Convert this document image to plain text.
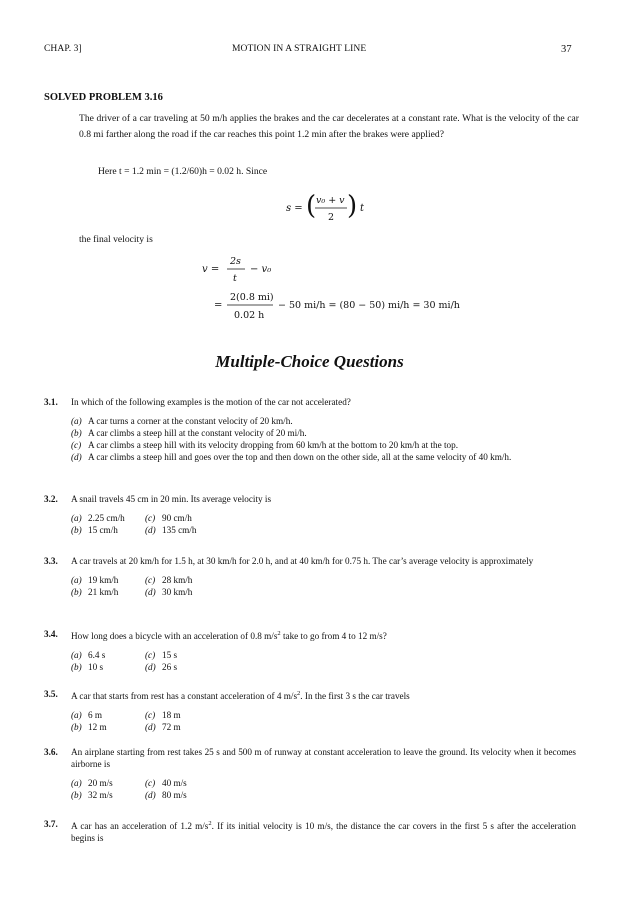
CHAP. 3]	MOTION IN A STRAIGHT LINE	37
SOLVED PROBLEM 3.16
The driver of a car traveling at 50 m/h applies the brakes and the car decelerates at a constant rate. What is the velocity of the car 0.8 mi farther along the road if the car reaches this point 1.2 min after the brakes were applied?
Here t = 1.2 min = (1.2/60)h = 0.02 h. Since
s = ( v₀ + v
2 ) t
the final velocity is
v =
2s
t
− v₀
=
2(0.8 mi)
0.02 h
− 50 mi/h = (80 − 50) mi/h = 30 mi/h
Multiple-Choice Questions
3.1. In which of the following examples is the motion of the car not accelerated?
(a) A car turns a corner at the constant velocity of 20 km/h.
(b) A car climbs a steep hill at the constant velocity of 20 mi/h.
(c) A car climbs a steep hill with its velocity dropping from 60 km/h at the bottom to 20 km/h at the top.
(d) A car climbs a steep hill and goes over the top and then down on the other side, all at the same velocity of 40 km/h.
3.2. A snail travels 45 cm in 20 min. Its average velocity is
(a) 2.25 cm/h	(c) 90 cm/h
(b) 15 cm/h	(d) 135 cm/h
3.3. A car travels at 20 km/h for 1.5 h, at 30 km/h for 2.0 h, and at 40 km/h for 0.75 h. The car’s average velocity is approximately
(a) 19 km/h	(c) 28 km/h
(b) 21 km/h	(d) 30 km/h
3.4. How long does a bicycle with an acceleration of 0.8 $m/s^2$ take to go from 4 to 12 m/s?
(a) 6.4 s	(c) 15 s
(b) 10 s	(d) 26 s
3.5. A car that starts from rest has a constant acceleration of 4 $m/s^2$. In the first 3 s the car travels
(a) 6 m	(c) 18 m
(b) 12 m	(d) 72 m
3.6. An airplane starting from rest takes 25 s and 500 m of runway at constant acceleration to leave the ground. Its velocity when it becomes airborne is
(a) 20 m/s	(c) 40 m/s
(b) 32 m/s	(d) 80 m/s
3.7. A car has an acceleration of 1.2 $m/s^2$. If its initial velocity is 10 m/s, the distance the car covers in the first 5 s after the acceleration begins is
